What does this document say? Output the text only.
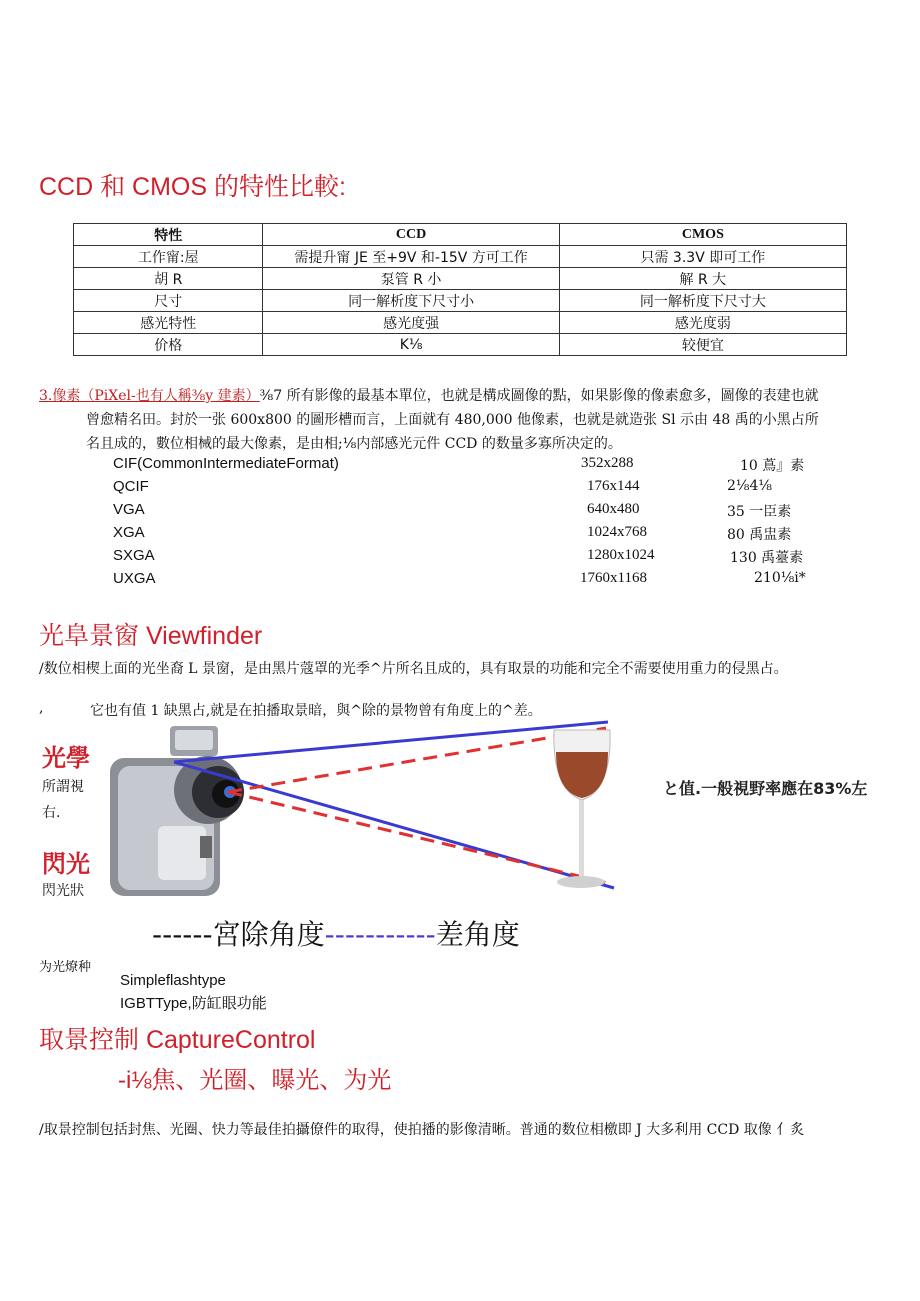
CCD 和 CMOS 的特性比較:
特性	CCD	CMOS
工作甯:屋	需提升甯 JE 至+9V 和-15V 方可工作	只需 3.3V 即可工作
胡 R	泵管 R 小	解 R 大
尺寸	同一解析度下尺寸小	同一解析度下尺寸大
感光特性	感光度强	感光度弱
价格	K⅛	较便宜
3.像素（PiXel-也有人稱⅜y 建素）⅜7 所有影像的最基本單位，也就是構成圖像的點，如果影像的像素愈多，圖像的表建也就
曾愈精名田。封於一张 600x800 的圖形槽而言，上面就有 480,000 他像素，也就是就造张 Sl 示由 48 禹的小黑占所
名且成的，數位相械的最大像素，是由相;⅛内部感光元件 CCD 的数量多寡所决定的。
CIF(CommonIntermediateFormat)	352x288	10 蔦』素
QCIF	176x144	2⅛4⅛
VGA	640x480	35 一臣素
XGA	1024x768	80 禹盅素
SXGA	1280x1024	130 禹薹素
UXGA	1760x1168	210⅛i*
光阜景窗 Viewfinder
/数位相楔上面的光坐裔 L 景窗，是由黑片蔻罩的光季^片所名且成的，具有取景的功能和完全不需要使用重力的侵黑占。
,	它也有值 1 缺黑占,就是在拍播取景暗，與^除的景物曾有角度上的^差。
光學
所謂視
右.
閃光
閃光狀
と值.一般視野率應在83%左
------宮除角度-----------差角度
为光燎种
Simpleflashtype
IGBTType,防缸眼功能
取景控制 CaptureControl
-i⅛焦、光圈、曝光、为光
/取景控制包括封焦、光圈、快力等最佳拍攝僚件的取得，使拍播的影像清晰。普通的数位相檄即 J 大多利用 CCD 取像 亻炙
